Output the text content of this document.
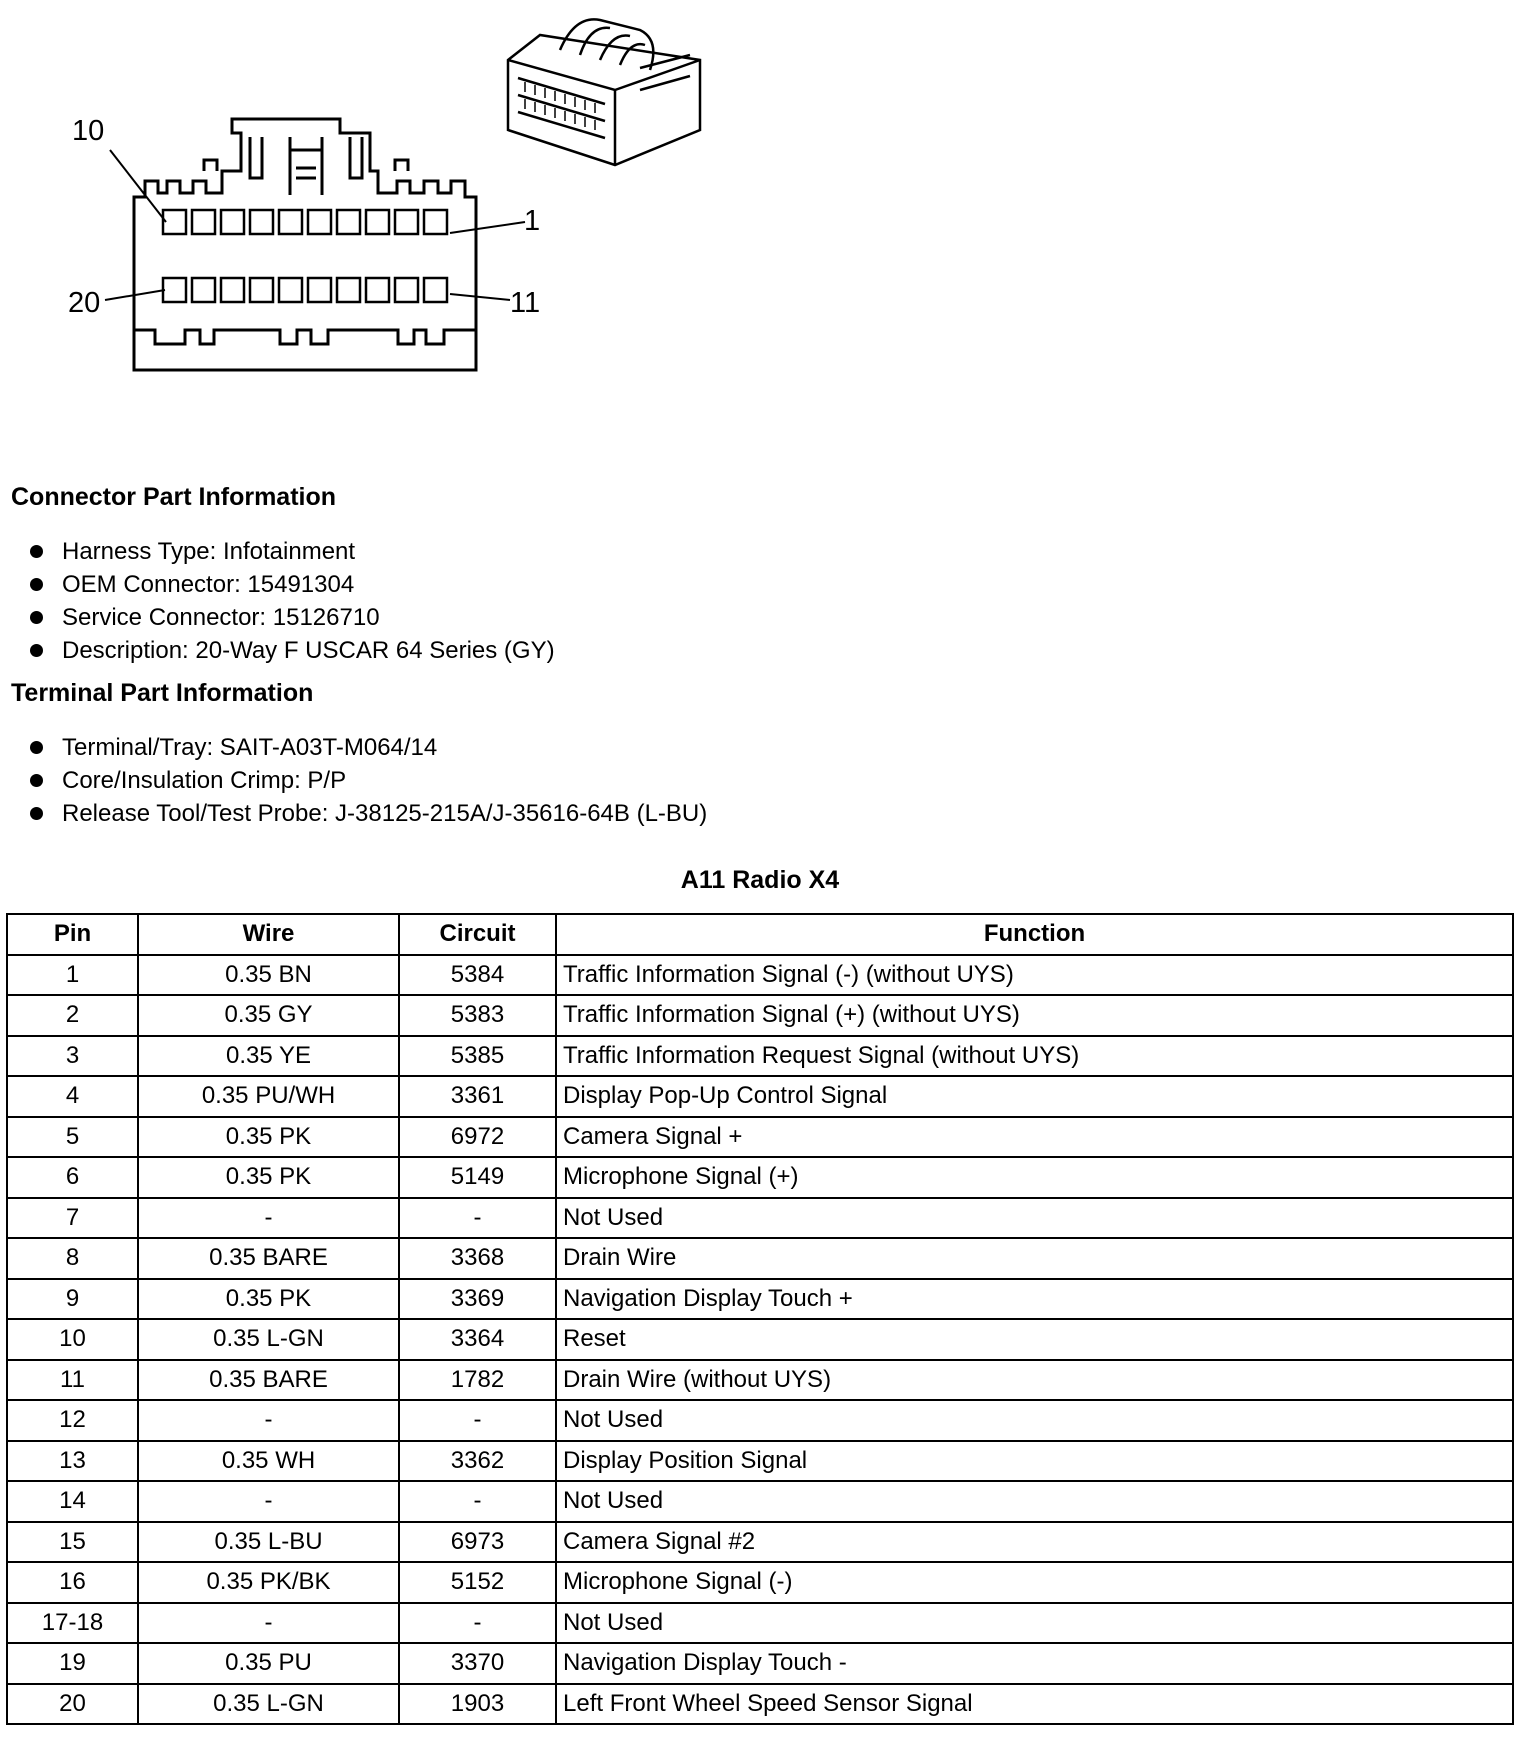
10
1
20	11
Connector Part Information
Harness Type: Infotainment
OEM Connector: 15491304
Service Connector: 15126710
Description: 20-Way F USCAR 64 Series (GY)
Terminal Part Information
Terminal/Tray: SAIT-A03T-M064/14
Core/Insulation Crimp: P/P
Release Tool/Test Probe: J-38125-215A/J-35616-64B (L-BU)
A11 Radio X4
Pin	Wire	Circuit	Function
1	0.35 BN	5384	Traffic Information Signal (-) (without UYS)
2	0.35 GY	5383	Traffic Information Signal (+) (without UYS)
3	0.35 YE	5385	Traffic Information Request Signal (without UYS)
4	0.35 PU/WH	3361	Display Pop-Up Control Signal
5	0.35 PK	6972	Camera Signal +
6	0.35 PK	5149	Microphone Signal (+)
7	-	-	Not Used
8	0.35 BARE	3368	Drain Wire
9	0.35 PK	3369	Navigation Display Touch +
10	0.35 L-GN	3364	Reset
11	0.35 BARE	1782	Drain Wire (without UYS)
12	-	-	Not Used
13	0.35 WH	3362	Display Position Signal
14	-	-	Not Used
15	0.35 L-BU	6973	Camera Signal #2
16	0.35 PK/BK	5152	Microphone Signal (-)
17-18	-	-	Not Used
19	0.35 PU	3370	Navigation Display Touch -
20	0.35 L-GN	1903	Left Front Wheel Speed Sensor Signal
